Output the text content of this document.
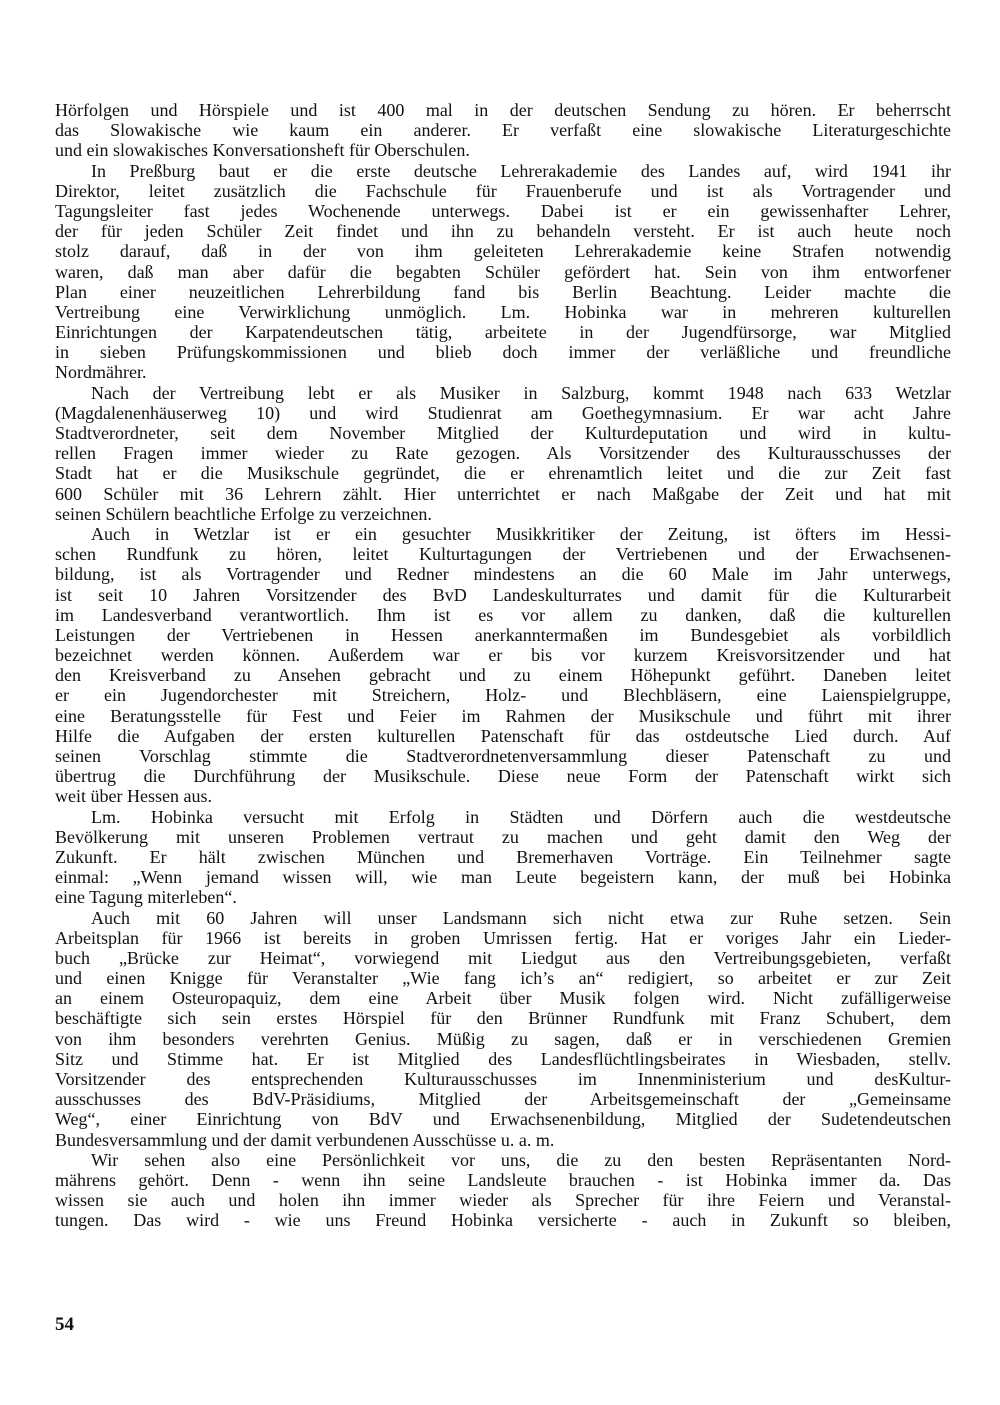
Hörfolgen und Hörspiele und ist 400 mal in der deutschen Sendung zu hören. Er beherrscht
das Slowakische wie kaum ein anderer. Er verfaßt eine slowakische Literaturgeschichte
und ein slowakisches Konversationsheft für Oberschulen.
In Preßburg baut er die erste deutsche Lehrerakademie des Landes auf, wird 1941 ihr
Direktor, leitet zusätzlich die Fachschule für Frauenberufe und ist als Vortragender und
Tagungsleiter fast jedes Wochenende unterwegs. Dabei ist er ein gewissenhafter Lehrer,
der für jeden Schüler Zeit findet und ihn zu behandeln versteht. Er ist auch heute noch
stolz darauf, daß in der von ihm geleiteten Lehrerakademie keine Strafen notwendig
waren, daß man aber dafür die begabten Schüler gefördert hat. Sein von ihm entworfener
Plan einer neuzeitlichen Lehrerbildung fand bis Berlin Beachtung. Leider machte die
Vertreibung eine Verwirklichung unmöglich. Lm. Hobinka war in mehreren kulturellen
Einrichtungen der Karpatendeutschen tätig, arbeitete in der Jugendfürsorge, war Mitglied
in sieben Prüfungskommissionen und blieb doch immer der verläßliche und freundliche
Nordmährer.
Nach der Vertreibung lebt er als Musiker in Salzburg, kommt 1948 nach 633 Wetzlar
(Magdalenenhäuserweg 10) und wird Studienrat am Goethegymnasium. Er war acht Jahre
Stadtverordneter, seit dem November Mitglied der Kulturdeputation und wird in kultu-
rellen Fragen immer wieder zu Rate gezogen. Als Vorsitzender des Kulturausschusses der
Stadt hat er die Musikschule gegründet, die er ehrenamtlich leitet und die zur Zeit fast
600 Schüler mit 36 Lehrern zählt. Hier unterrichtet er nach Maßgabe der Zeit und hat mit
seinen Schülern beachtliche Erfolge zu verzeichnen.
Auch in Wetzlar ist er ein gesuchter Musikkritiker der Zeitung, ist öfters im Hessi-
schen Rundfunk zu hören, leitet Kulturtagungen der Vertriebenen und der Erwachsenen-
bildung, ist als Vortragender und Redner mindestens an die 60 Male im Jahr unterwegs,
ist seit 10 Jahren Vorsitzender des BvD Landeskulturrates und damit für die Kulturarbeit
im Landesverband verantwortlich. Ihm ist es vor allem zu danken, daß die kulturellen
Leistungen der Vertriebenen in Hessen anerkanntermaßen im Bundesgebiet als vorbildlich
bezeichnet werden können. Außerdem war er bis vor kurzem Kreisvorsitzender und hat
den Kreisverband zu Ansehen gebracht und zu einem Höhepunkt geführt. Daneben leitet
er ein Jugendorchester mit Streichern, Holz- und Blechbläsern, eine Laienspielgruppe,
eine Beratungsstelle für Fest und Feier im Rahmen der Musikschule und führt mit ihrer
Hilfe die Aufgaben der ersten kulturellen Patenschaft für das ostdeutsche Lied durch. Auf
seinen Vorschlag stimmte die Stadtverordnetenversammlung dieser Patenschaft zu und
übertrug die Durchführung der Musikschule. Diese neue Form der Patenschaft wirkt sich
weit über Hessen aus.
Lm. Hobinka versucht mit Erfolg in Städten und Dörfern auch die westdeutsche
Bevölkerung mit unseren Problemen vertraut zu machen und geht damit den Weg der
Zukunft. Er hält zwischen München und Bremerhaven Vorträge. Ein Teilnehmer sagte
einmal: „Wenn jemand wissen will, wie man Leute begeistern kann, der muß bei Hobinka
eine Tagung miterleben“.
Auch mit 60 Jahren will unser Landsmann sich nicht etwa zur Ruhe setzen. Sein
Arbeitsplan für 1966 ist bereits in groben Umrissen fertig. Hat er voriges Jahr ein Lieder-
buch „Brücke zur Heimat“, vorwiegend mit Liedgut aus den Vertreibungsgebieten, verfaßt
und einen Knigge für Veranstalter „Wie fang ich’s an“ redigiert, so arbeitet er zur Zeit
an einem Osteuropaquiz, dem eine Arbeit über Musik folgen wird. Nicht zufälligerweise
beschäftigte sich sein erstes Hörspiel für den Brünner Rundfunk mit Franz Schubert, dem
von ihm besonders verehrten Genius. Müßig zu sagen, daß er in verschiedenen Gremien
Sitz und Stimme hat. Er ist Mitglied des Landesflüchtlingsbeirates in Wiesbaden, stellv.
Vorsitzender des entsprechenden Kulturausschusses im Innenministerium und desKultur-
ausschusses des BdV-Präsidiums, Mitglied der Arbeitsgemeinschaft der „Gemeinsame
Weg“, einer Einrichtung von BdV und Erwachsenenbildung, Mitglied der Sudetendeutschen
Bundesversammlung und der damit verbundenen Ausschüsse u. a. m.
Wir sehen also eine Persönlichkeit vor uns, die zu den besten Repräsentanten Nord-
mährens gehört. Denn - wenn ihn seine Landsleute brauchen - ist Hobinka immer da. Das
wissen sie auch und holen ihn immer wieder als Sprecher für ihre Feiern und Veranstal-
tungen. Das wird - wie uns Freund Hobinka versicherte - auch in Zukunft so bleiben,
54
